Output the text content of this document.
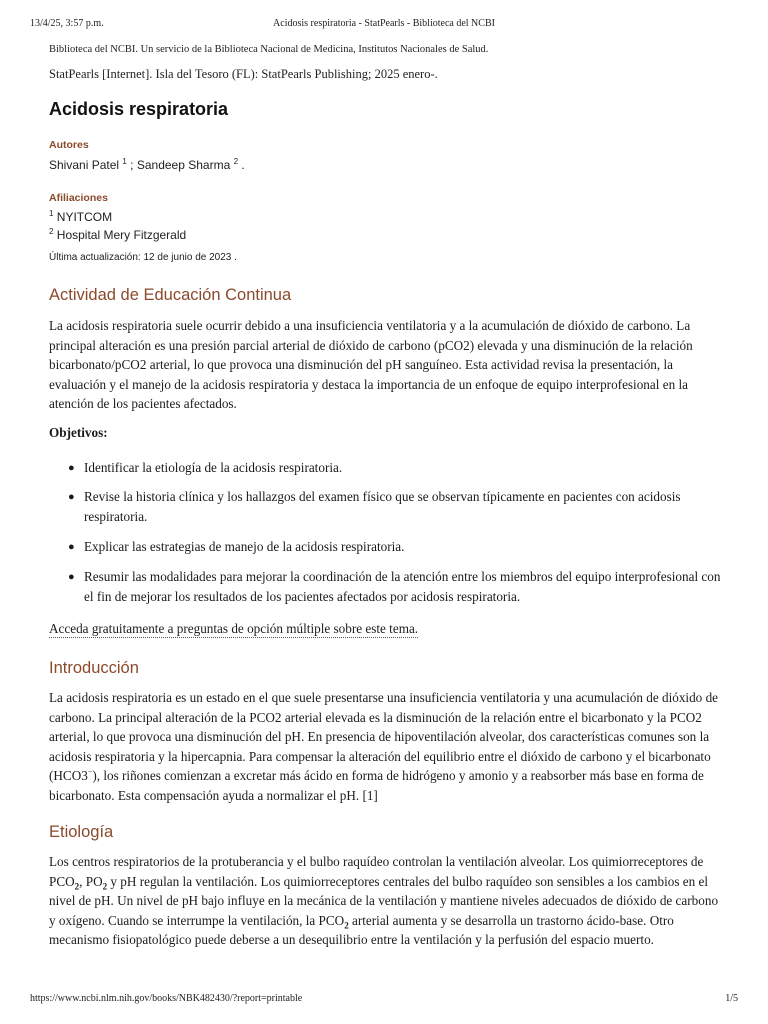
13/4/25, 3:57 p.m.	Acidosis respiratoria - StatPearls - Biblioteca del NCBI
Biblioteca del NCBI. Un servicio de la Biblioteca Nacional de Medicina, Institutos Nacionales de Salud.
StatPearls [Internet]. Isla del Tesoro (FL): StatPearls Publishing; 2025 enero-.
Acidosis respiratoria
Autores
Shivani Patel $^1$ ; Sandeep Sharma $^2$ .
Afiliaciones
$^1$ NYITCOM
$^2$ Hospital Mery Fitzgerald
Última actualización: 12 de junio de 2023 .
Actividad de Educación Continua
La acidosis respiratoria suele ocurrir debido a una insuficiencia ventilatoria y a la acumulación de dióxido de carbono. La principal alteración es una presión parcial arterial de dióxido de carbono (pCO2) elevada y una disminución de la relación bicarbonato/pCO2 arterial, lo que provoca una disminución del pH sanguíneo. Esta actividad revisa la presentación, la evaluación y el manejo de la acidosis respiratoria y destaca la importancia de un enfoque de equipo interprofesional en la atención de los pacientes afectados.
Objetivos:
● Identificar la etiología de la acidosis respiratoria.
● Revise la historia clínica y los hallazgos del examen físico que se observan típicamente en pacientes con acidosis respiratoria.
● Explicar las estrategias de manejo de la acidosis respiratoria.
● Resumir las modalidades para mejorar la coordinación de la atención entre los miembros del equipo interprofesional con el fin de mejorar los resultados de los pacientes afectados por acidosis respiratoria.
Acceda gratuitamente a preguntas de opción múltiple sobre este tema.
Introducción
La acidosis respiratoria es un estado en el que suele presentarse una insuficiencia ventilatoria y una acumulación de dióxido de carbono. La principal alteración de la PCO2 arterial elevada es la disminución de la relación entre el bicarbonato y la PCO2 arterial, lo que provoca una disminución del pH. En presencia de hipoventilación alveolar, dos características comunes son la acidosis respiratoria y la hipercapnia. Para compensar la alteración del equilibrio entre el dióxido de carbono y el bicarbonato (HCO3−), los riñones comienzan a excretar más ácido en forma de hidrógeno y amonio y a reabsorber más base en forma de bicarbonato. Esta compensación ayuda a normalizar el pH. [1]
Etiología
Los centros respiratorios de la protuberancia y el bulbo raquídeo controlan la ventilación alveolar. Los quimiorreceptores de $PCO_2$, $PO_2$ y pH regulan la ventilación. Los quimiorreceptores centrales del bulbo raquídeo son sensibles a los cambios en el nivel de pH. Un nivel de pH bajo influye en la mecánica de la ventilación y mantiene niveles adecuados de dióxido de carbono y oxígeno. Cuando se interrumpe la ventilación, la $PCO_2$ arterial aumenta y se desarrolla un trastorno ácido-base. Otro mecanismo fisiopatológico puede deberse a un desequilibrio entre la ventilación y la perfusión del espacio muerto.
https://www.ncbi.nlm.nih.gov/books/NBK482430/?report=printable	1/5
